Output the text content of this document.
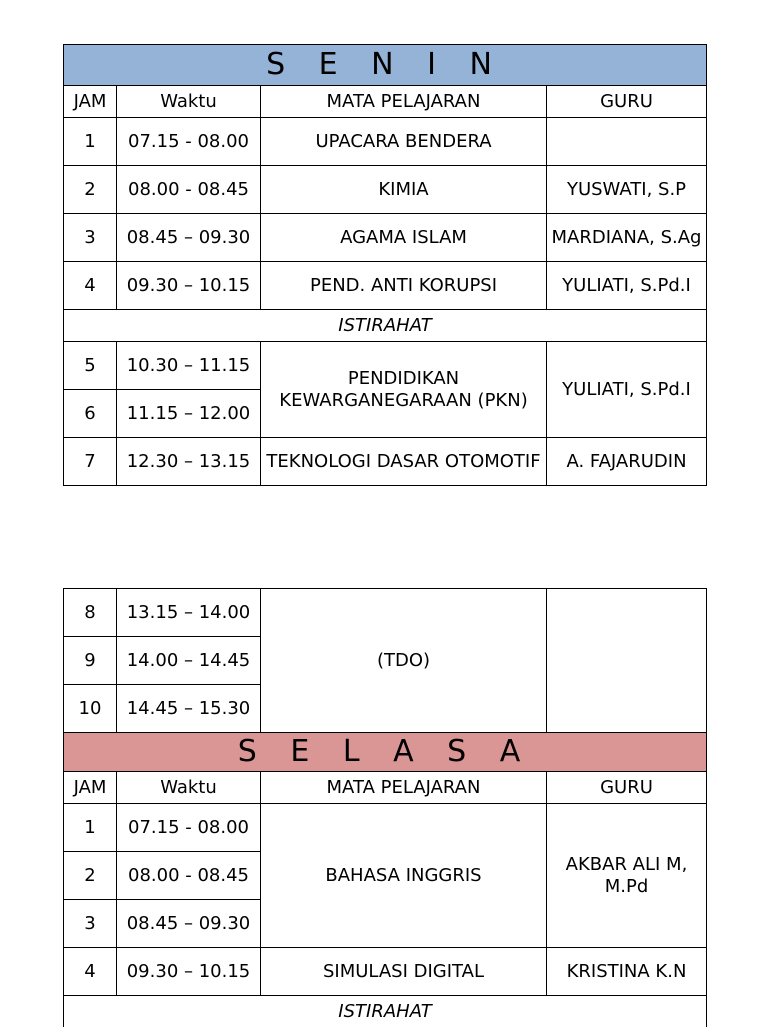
S E N I N			
JAM	Waktu	MATA PELAJARAN	GURU
1	07.15 - 08.00	UPACARA BENDERA	
2	08.00 - 08.45	KIMIA	YUSWATI, S.P
3	08.45 – 09.30	AGAMA ISLAM	MARDIANA, S.Ag
4	09.30 – 10.15	PEND. ANTI KORUPSI	YULIATI, S.Pd.I
ISTIRAHAT			
5	10.30 – 11.15	PENDIDIKAN KEWARGANEGARAAN (PKN)	YULIATI, S.Pd.I
6	11.15 – 12.00		
7	12.30 – 13.15	TEKNOLOGI DASAR OTOMOTIF	A. FAJARUDIN
8	13.15 – 14.00	(TDO)	
9	14.00 – 14.45		
10	14.45 – 15.30		
S E L A S A			
JAM	Waktu	MATA PELAJARAN	GURU
1	07.15 - 08.00	BAHASA INGGRIS	AKBAR ALI M, M.Pd
2	08.00 - 08.45		
3	08.45 – 09.30		
4	09.30 – 10.15	SIMULASI DIGITAL	KRISTINA K.N
ISTIRAHAT			
